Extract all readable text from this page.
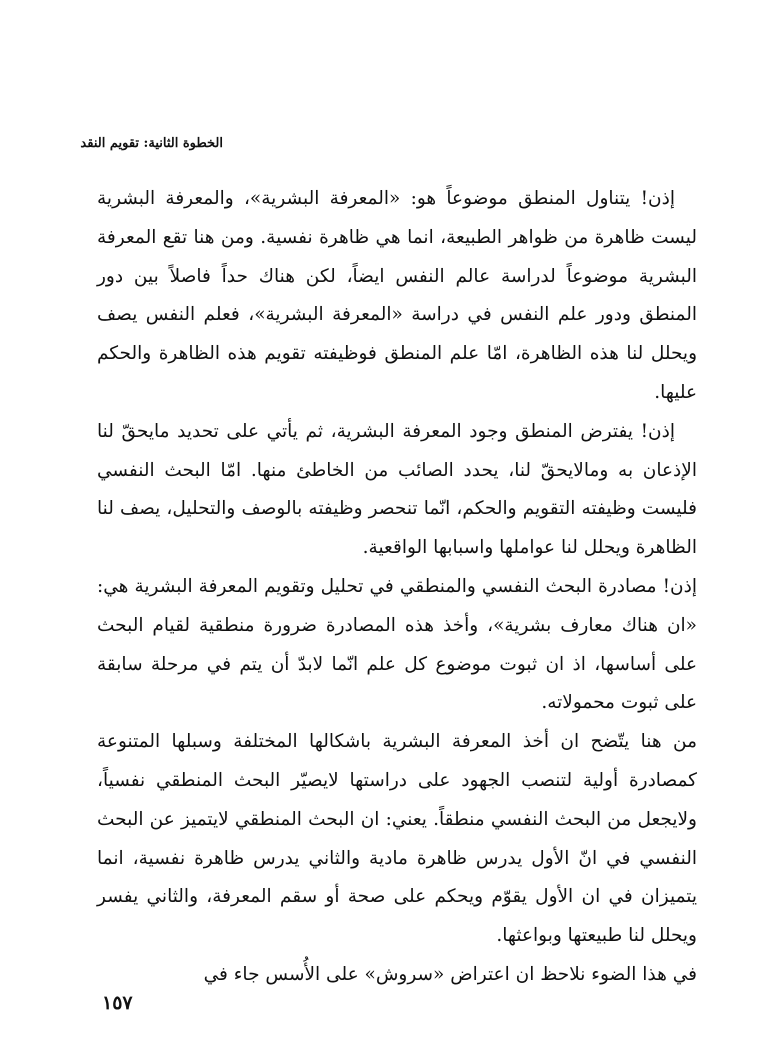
الخطوة الثانية: تقويم النقد

إذن! يتناول المنطق موضوعاً هو: «المعرفة البشرية»، والمعرفة البشرية ليست ظاهرة من ظواهر الطبيعة، انما هي ظاهرة نفسية. ومن هنا تقع المعرفة البشرية موضوعاً لدراسة عالم النفس ايضاً، لكن هناك حداً فاصلاً بين دور المنطق ودور علم النفس في دراسة «المعرفة البشرية»، فعلم النفس يصف ويحلل لنا هذه الظاهرة، امّا علم المنطق فوظيفته تقويم هذه الظاهرة والحكم عليها.

إذن! يفترض المنطق وجود المعرفة البشرية، ثم يأتي على تحديد مايحقّ لنا الإذعان به ومالايحقّ لنا، يحدد الصائب من الخاطئ منها. امّا البحث النفسي فليست وظيفته التقويم والحكم، انّما تنحصر وظيفته بالوصف والتحليل، يصف لنا الظاهرة ويحلل لنا عواملها واسبابها الواقعية.

إذن! مصادرة البحث النفسي والمنطقي في تحليل وتقويم المعرفة البشرية هي: «ان هناك معارف بشرية»، وأخذ هذه المصادرة ضرورة منطقية لقيام البحث على أساسها، اذ ان ثبوت موضوع كل علم انّما لابدّ أن يتم في مرحلة سابقة على ثبوت محمولاته.

من هنا يتّضح ان أخذ المعرفة البشرية باشكالها المختلفة وسبلها المتنوعة كمصادرة أولية لتنصب الجهود على دراستها لايصيّر البحث المنطقي نفسياً، ولايجعل من البحث النفسي منطقاً. يعني: ان البحث المنطقي لايتميز عن البحث النفسي في انّ الأول يدرس ظاهرة مادية والثاني يدرس ظاهرة نفسية، انما يتميزان في ان الأول يقوّم ويحكم على صحة أو سقم المعرفة، والثاني يفسر ويحلل لنا طبيعتها وبواعثها.

في هذا الضوء نلاحظ ان اعتراض «سروش» على الأُسس جاء في

١٥٧
